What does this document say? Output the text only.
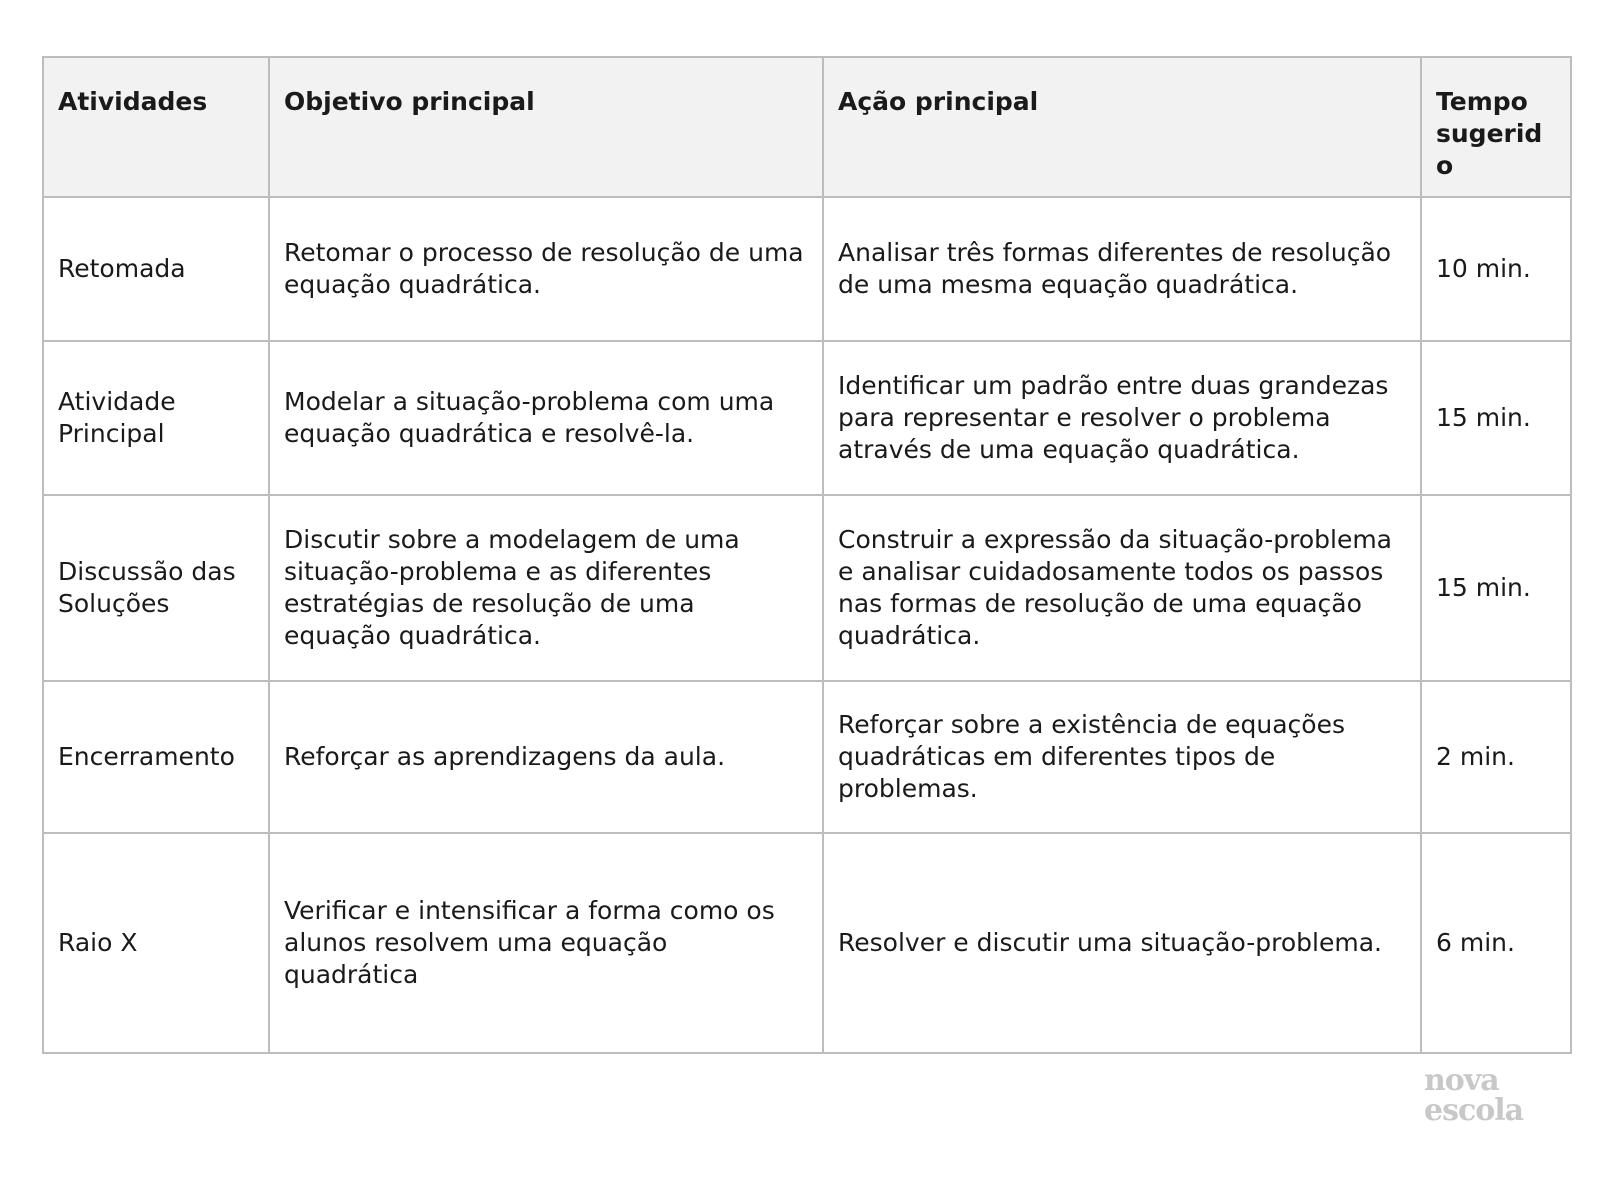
Atividades	Objetivo principal	Ação principal	Tempo sugerido
Retomada	Retomar o processo de resolução de uma equação quadrática.	Analisar três formas diferentes de resolução de uma mesma equação quadrática.	10 min.
Atividade Principal	Modelar a situação-problema com uma equação quadrática e resolvê-la.	Identificar um padrão entre duas grandezas para representar e resolver o problema através de uma equação quadrática.	15 min.
Discussão das Soluções	Discutir sobre a modelagem de uma situação-problema e as diferentes estratégias de resolução de uma equação quadrática.	Construir a expressão da situação-problema e analisar cuidadosamente todos os passos nas formas de resolução de uma equação quadrática.	15 min.
Encerramento	Reforçar as aprendizagens da aula.	Reforçar sobre a existência de equações quadráticas em diferentes tipos de problemas.	2 min.
Raio X	Verificar e intensificar a forma como os alunos resolvem uma equação quadrática	Resolver e discutir uma situação-problema.	6 min.
nova
escola
